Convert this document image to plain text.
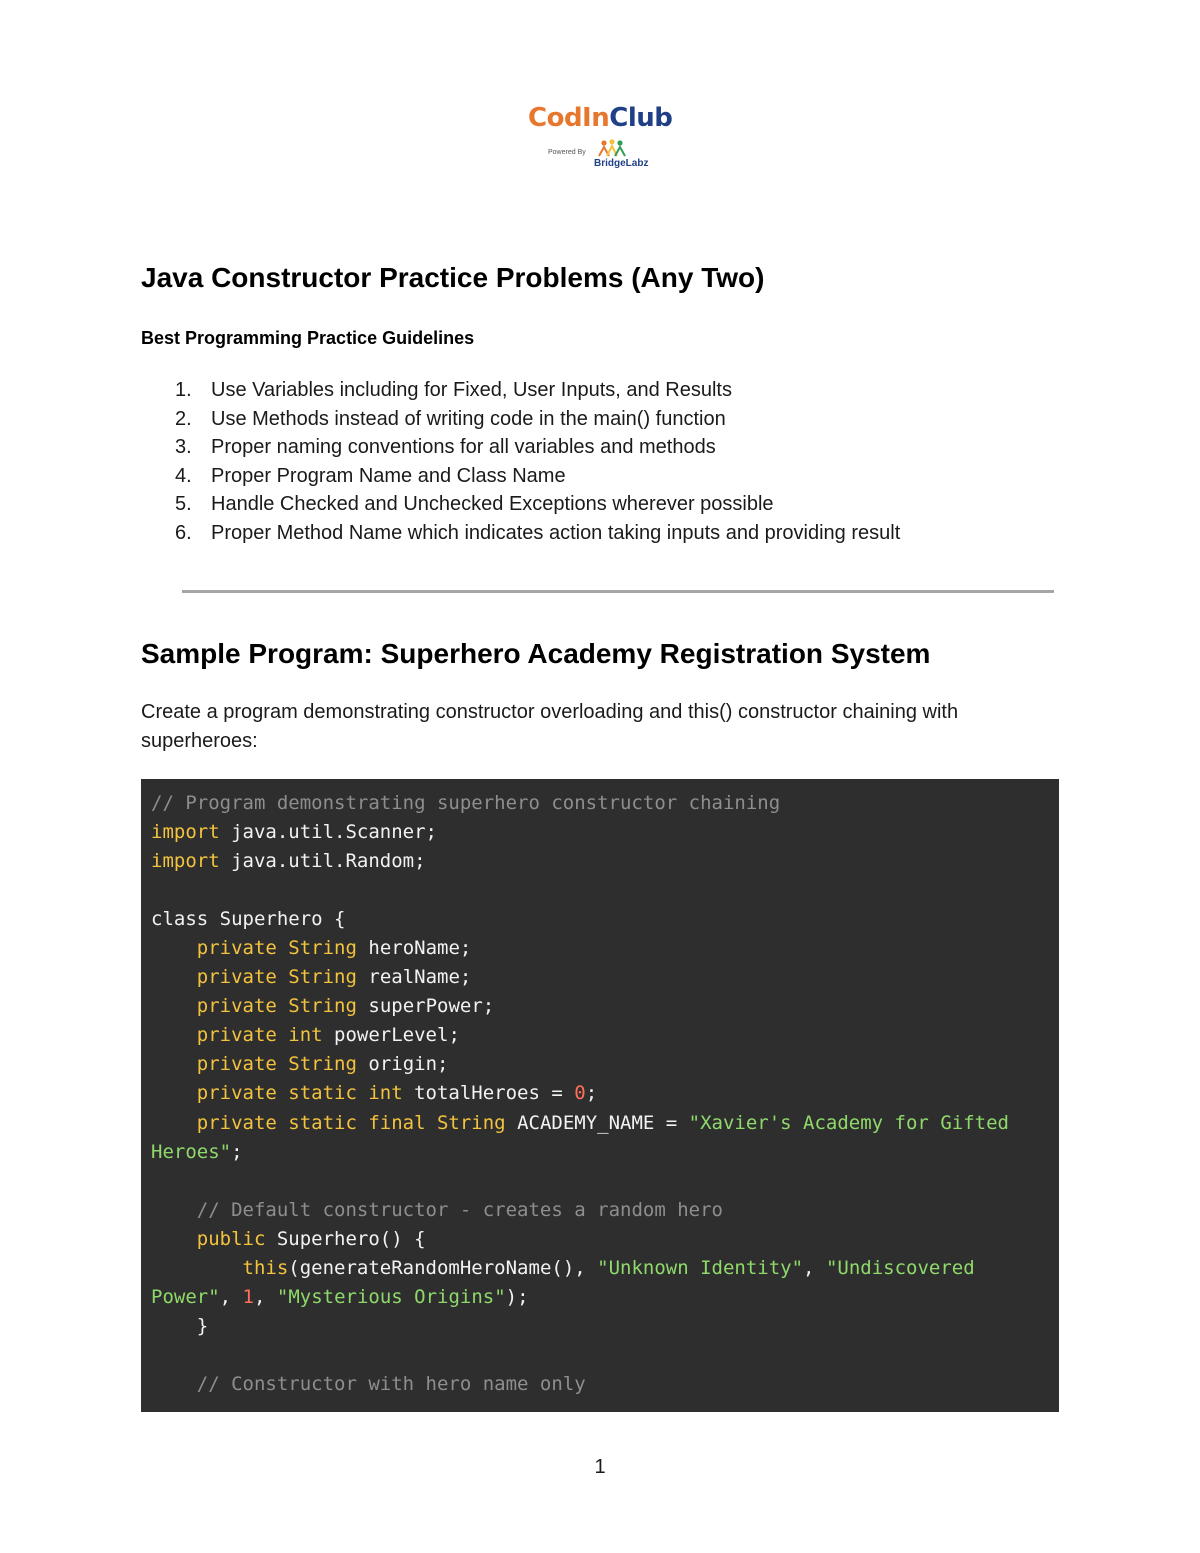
CodInClub
Powered By
BridgeLabz
Java Constructor Practice Problems (Any Two)
Best Programming Practice Guidelines
1. Use Variables including for Fixed, User Inputs, and Results
2. Use Methods instead of writing code in the main() function
3. Proper naming conventions for all variables and methods
4. Proper Program Name and Class Name
5. Handle Checked and Unchecked Exceptions wherever possible
6. Proper Method Name which indicates action taking inputs and providing result
Sample Program: Superhero Academy Registration System

Create a program demonstrating constructor overloading and this() constructor chaining with superheroes:

// Program demonstrating superhero constructor chaining
import java.util.Scanner;
import java.util.Random;

class Superhero {
private String heroName;
private String realName;
private String superPower;
private int powerLevel;
private String origin;
private static int totalHeroes = 0;
private static final String ACADEMY_NAME = "Xavier's Academy for Gifted
Heroes";

// Default constructor - creates a random hero
public Superhero() {
this(generateRandomHeroName(), "Unknown Identity", "Undiscovered
Power", 1, "Mysterious Origins");
}

// Constructor with hero name only
1
